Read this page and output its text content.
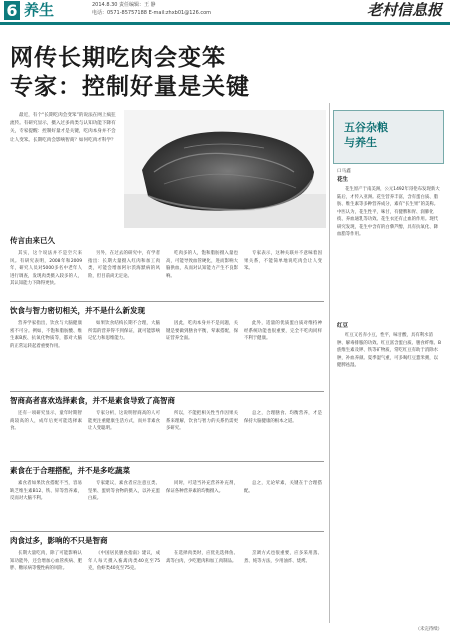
6 养生	2014.8.30 责任编辑：王 静
电话：0571-85757188 E-mail:zhxb01@126.com	老村信息报
网传长期吃肉会变笨
专家：控制好量是关键
最近，有个“长期吃肉会变笨”的说法在网上疯狂流传。有研究显示，摄入过多肉类与认知功能下降有关，专家提醒：控制好量才是关键，吃肉本身并不会让人变笨。长期吃肉会影响智商？如何吃肉才科学？
传言由来已久

其实，这个说法并不是空穴来风。有研究表明，2008年和2009年，研究人员对5000多名中老年人进行调查，发现肉类摄入较多的人，其认知能力下降得更快。

另外，在过去的研究中，有学者指出：长期大量摄入红肉和加工肉类，可能会增加阿尔茨海默病的风险，但目前尚无定论。

吃肉多的人，饱和脂肪摄入量也高，可能导致血管硬化，进而影响大脑供血，从而对认知能力产生不良影响。

专家表示，这种关联并不意味着因果关系，不能简单地说吃肉会让人变笨。

饮食与智力密切相关，并不是什么新发现

营养学家指出，饮食与大脑健康密不可分。例如，不饱和脂肪酸、维生素B族、抗氧化物质等，都对大脑的正常运转起着重要作用。

如果饮食结构长期不合理，大脑所需的营养得不到保证，就可能影响记忆力和思维能力。

因此，吃肉本身并不是问题，关键是要做到膳食平衡，荤素搭配，保证营养全面。

此外，适量的优质蛋白质对维持神经系统功能也很重要，完全不吃肉同样不利于健康。

智商高者喜欢选择素食，并不是素食导致了高智商

还有一项研究显示，童年时期智商较高的人，成年后更可能选择素食。

专家分析，这说明智商高的人可能更注重健康生活方式，而并非素食让人变聪明。

所以，不能把相关性当作因果关系来理解，饮食与智力的关系仍需更多研究。

总之，合理膳食、均衡营养，才是保持大脑健康的根本之道。

素食在于合理搭配，并不是多吃蔬菜

素食者如果饮食搭配不当，容易缺乏维生素B12、铁、锌等营养素，反而对大脑不利。

专家建议，素食者应注意豆类、坚果、蛋奶等食物的摄入，以补充蛋白质。

同时，可适当补充营养补充剂，保证各种营养素的均衡摄入。

总之，无论荤素，关键在于合理搭配。

肉食过多，影响的不只是智商

长期大量吃肉，除了可能影响认知功能外，还会增加心血管疾病、肥胖、糖尿病等慢性病的风险。

《中国居民膳食指南》建议，成年人每天摄入畜禽肉类40克至75克，鱼虾类40克至75克。

在选择肉类时，应优先选择鱼、禽等白肉，少吃肥肉和加工肉制品。

烹调方式也很重要，应多采用蒸、煮、炖等方法，少用油炸、烧烤。

五谷杂粮
与养生
口马鑫
花生

花生原产于南美洲，公元1492年哥伦布发现新大陆后，才传入亚洲。花生营养丰富，含有蛋白质、脂肪、维生素等多种营养成分，素有“长生果”的美称。中医认为，花生性平，味甘，有健脾和胃、润肺化痰、养血通乳等功效。花生衣还有止血的作用。现代研究发现，花生中含有的白藜芦醇，具有抗氧化、降血脂等作用。

红豆

红豆又名赤小豆，性平，味甘酸，具有利水消肿、解毒排脓的功效。红豆富含蛋白质、膳食纤维、B族维生素及钾、铁等矿物质，常吃红豆有助于消除水肿，补血养颜。夏季湿气重，可多喝红豆薏米粥，以健脾祛湿。

（未完待续）
